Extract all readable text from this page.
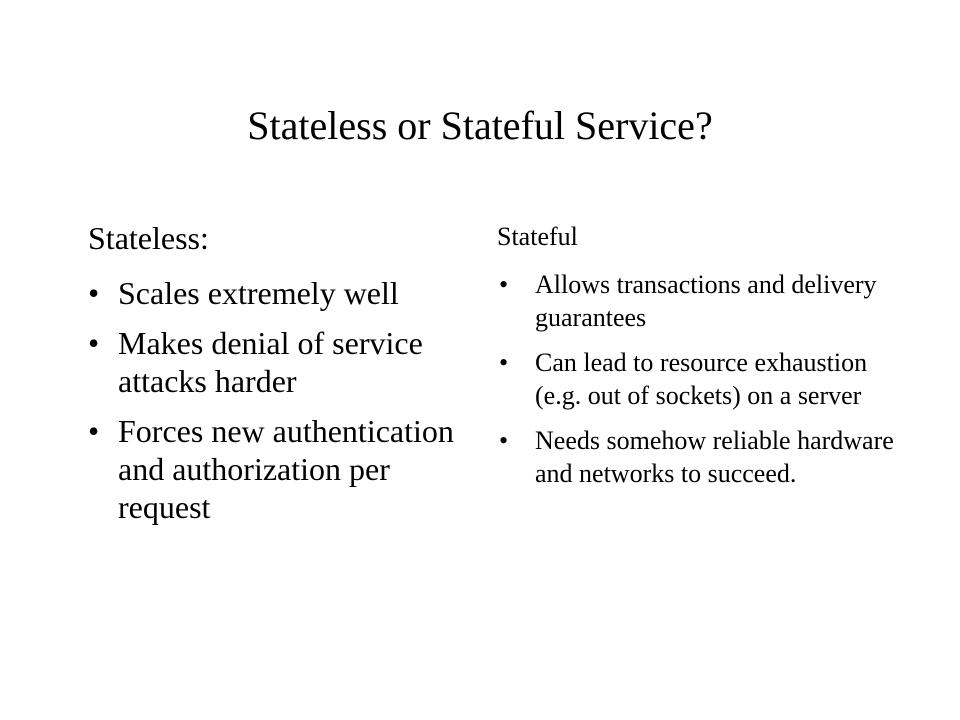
Stateless or Stateful Service?

Stateless:

• Scales extremely well
• Makes denial of service attacks harder
• Forces new authentication and authorization per request

Stateful

• Allows transactions and delivery guarantees
• Can lead to resource exhaustion (e.g. out of sockets) on a server
• Needs somehow reliable hardware and networks to succeed.
